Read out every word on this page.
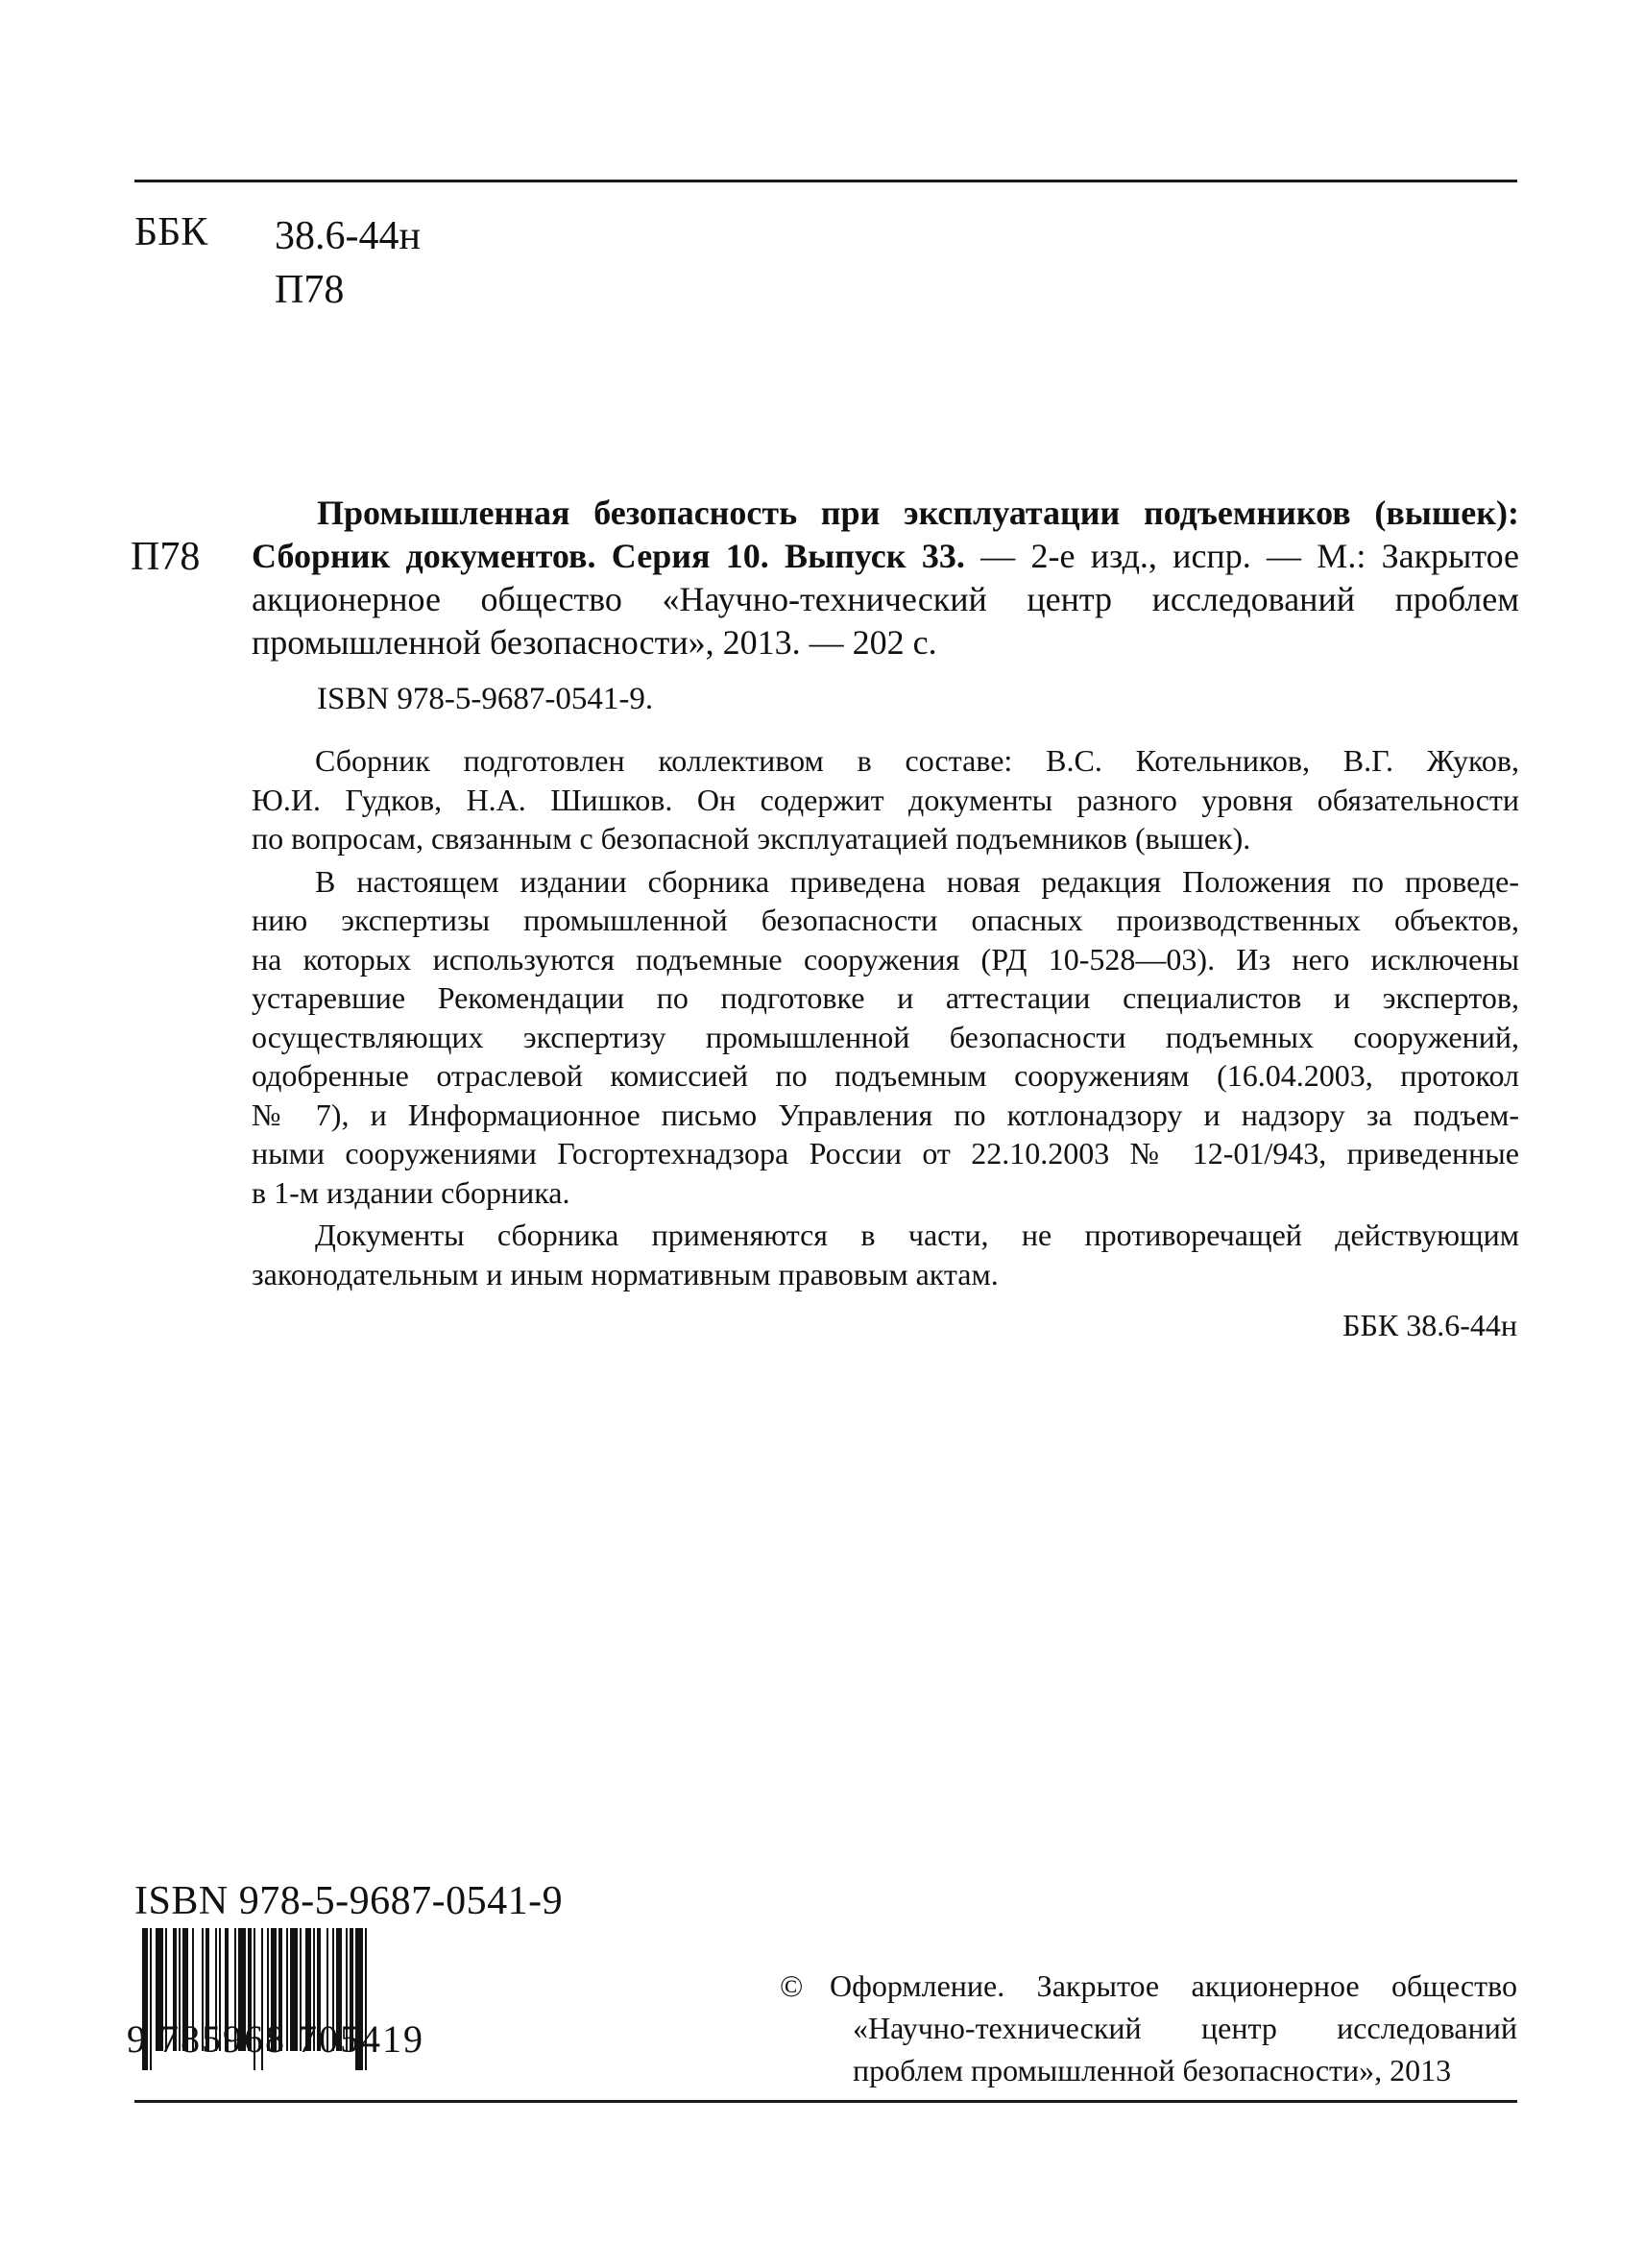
ББК 38.6-44н
П78
П78

Промышленная безопасность при эксплуатации подъемников (вышек):

Сборник документов. Серия 10. Выпуск 33. — 2-е изд., испр. — М.: Закрытое
акционерное общество «Научно-технический центр исследований проблем
промышленной безопасности», 2013. — 202 с.

ISBN 978-5-9687-0541-9.

Сборник подготовлен коллективом в составе: В.С. Котельников, В.Г. Жуков,
Ю.И. Гудков, Н.А. Шишков. Он содержит документы разного уровня обязательности
по вопросам, связанным с безопасной эксплуатацией подъемников (вышек).

В настоящем издании сборника приведена новая редакция Положения по проведе-
нию экспертизы промышленной безопасности опасных производственных объектов,
на которых используются подъемные сооружения (РД 10-528—03). Из него исключены
устаревшие Рекомендации по подготовке и аттестации специалистов и экспертов,
осуществляющих экспертизу промышленной безопасности подъемных сооружений,
одобренные отраслевой комиссией по подъемным сооружениям (16.04.2003, протокол
№ 7), и Информационное письмо Управления по котлонадзору и надзору за подъем-
ными сооружениями Госгортехнадзора России от 22.10.2003 № 12-01/943, приведенные
в 1-м издании сборника.

Документы сборника применяются в части, не противоречащей действующим
законодательным и иным нормативным правовым актам.

ББК 38.6-44н
ISBN 978-5-9687-0541-9
9 785968 705419
© Оформление. Закрытое акционерное общество
«Научно-технический центр исследований
проблем промышленной безопасности», 2013
